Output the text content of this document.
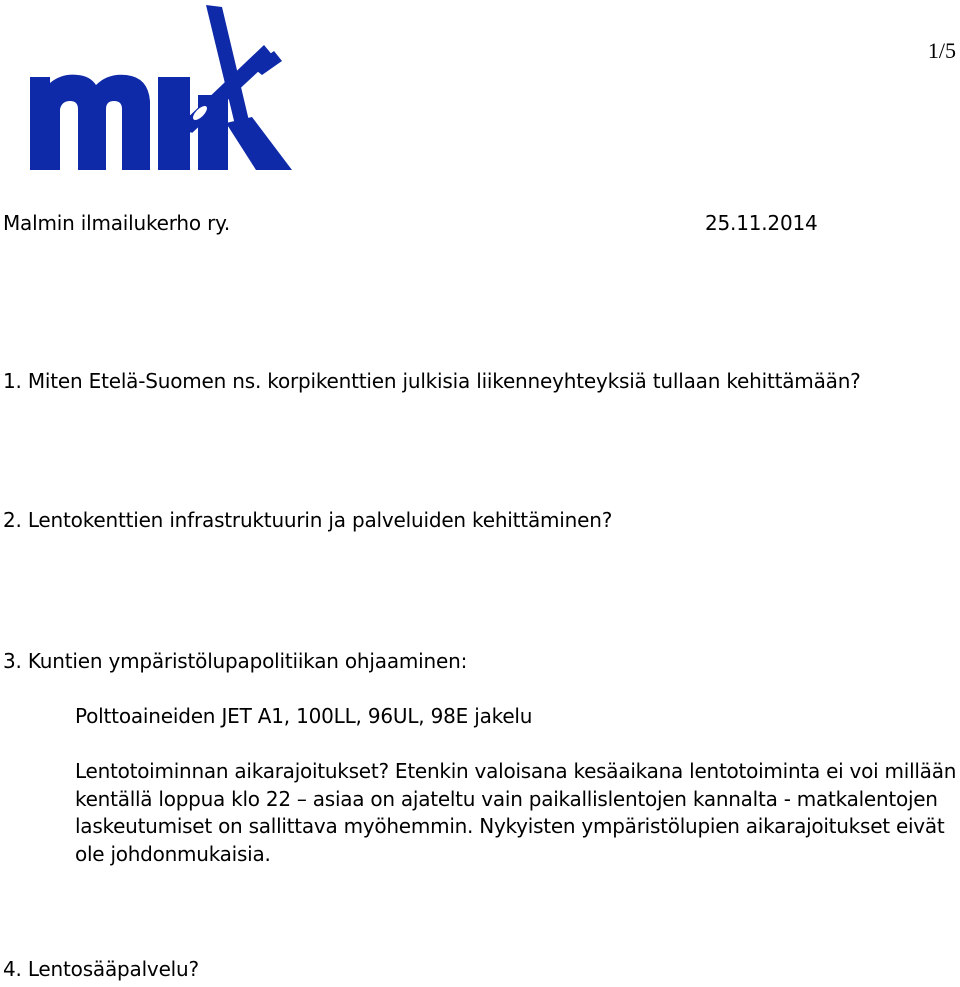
1/5
Malmin ilmailukerho ry.	25.11.2014
1. Miten Etelä-Suomen ns. korpikenttien julkisia liikenneyhteyksiä tullaan kehittämään?
2. Lentokenttien infrastruktuurin ja palveluiden kehittäminen?
3. Kuntien ympäristölupapolitiikan ohjaaminen:
Polttoaineiden JET A1, 100LL, 96UL, 98E jakelu
Lentotoiminnan aikarajoitukset? Etenkin valoisana kesäaikana lentotoiminta ei voi millään kentällä loppua klo 22 – asiaa on ajateltu vain paikallislentojen kannalta - matkalentojen laskeutumiset on sallittava myöhemmin. Nykyisten ympäristölupien aikarajoitukset eivät ole johdonmukaisia.
4. Lentosääpalvelu?
